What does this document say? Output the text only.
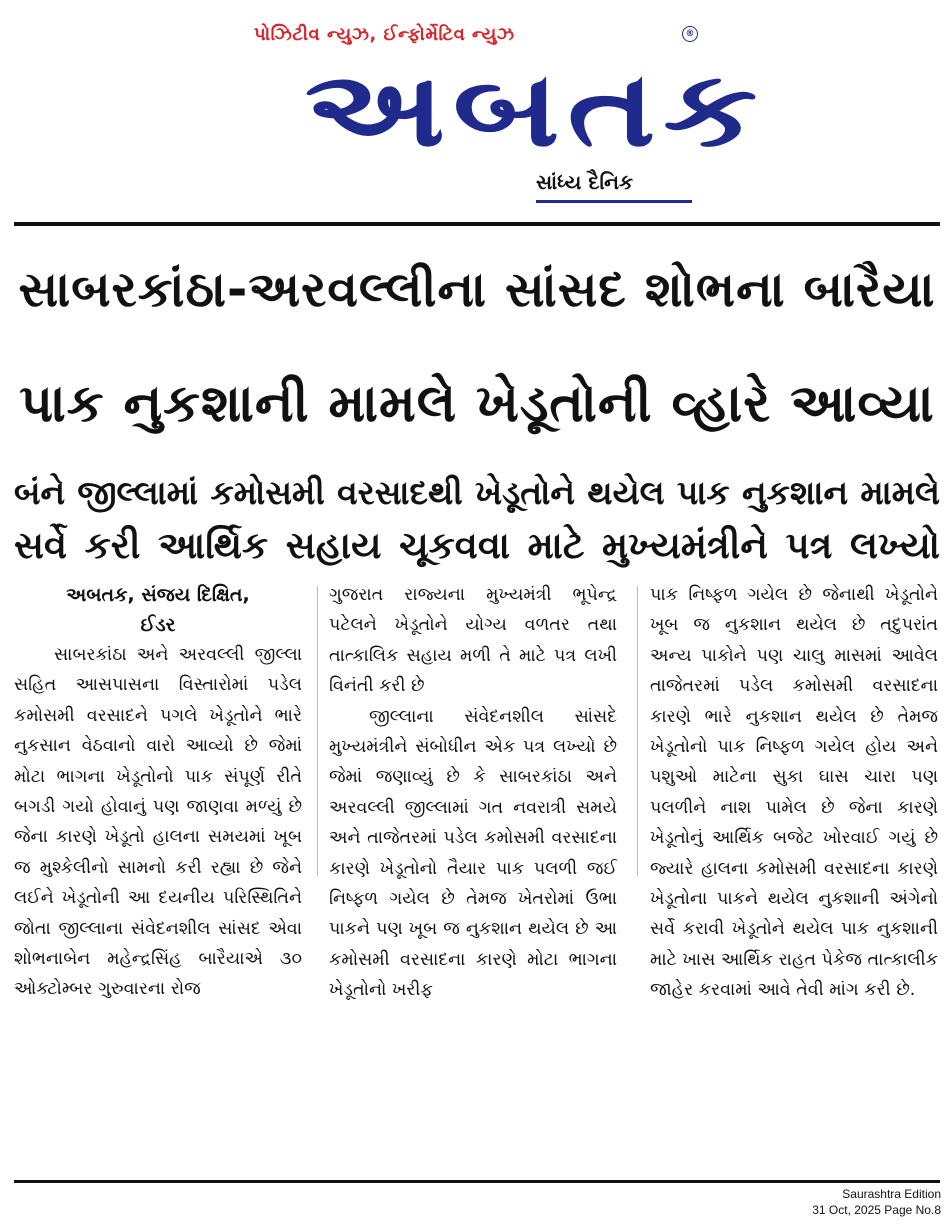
પોઝિટીવ ન્યુઝ, ઈન્ફોર્મેટિવ ન્યુઝ	®
અબતક
સાંધ્ય દૈનિક
સાબરકાંઠા-અરવલ્લીના સાંસદ શોભના બારૈયા
પાક નુકશાની મામલે ખેડૂતોની વ્હારે આવ્યા
બંને જીલ્લામાં કમોસમી વરસાદથી ખેડૂતોને થયેલ પાક નુકશાન મામલે
સર્વે કરી આર્થિક સહાય ચૂકવવા માટે મુખ્યમંત્રીને પત્ર લખ્યો
અબતક, સંજય દિક્ષિત,
ઈડર
સાબરકાંઠા અને અરવલ્લી જીલ્લા સહિત આસપાસના વિસ્તારોમાં પડેલ કમોસમી વરસાદને પગલે ખેડૂતોને ભારે નુકસાન વેઠવાનો વારો આવ્યો છે જેમાં મોટા ભાગના ખેડૂતોનો પાક સંપૂર્ણ રીતે બગડી ગયો હોવાનું પણ જાણવા મળ્યું છે જેના કારણે ખેડૂતો હાલના સમયમાં ખૂબ જ મુશ્કેલીનો સામનો કરી રહ્યા છે જેને લઈને ખેડૂતોની આ દયનીય પરિસ્થિતિને જોતા જીલ્લાના સંવેદનશીલ સાંસદ એવા શોભનાબેન મહેન્દ્રસિંહ બારૈયાએ ૩૦ ઓક્ટોમ્બર ગુરુવારના રોજ
ગુજરાત રાજ્યના મુખ્યમંત્રી ભૂપેન્દ્ર પટેલને ખેડૂતોને યોગ્ય વળતર તથા તાત્કાલિક સહાય મળી તે માટે પત્ર લખી વિનંતી કરી છે
જીલ્લાના સંવેદનશીલ સાંસદે મુખ્યમંત્રીને સંબોધીન એક પત્ર લખ્યો છે જેમાં જણાવ્યું છે કે સાબરકાંઠા અને અરવલ્લી જીલ્લામાં ગત નવરાત્રી સમયે અને તાજેતરમાં પડેલ કમોસમી વરસાદના કારણે ખેડૂતોનો તૈયાર પાક પલળી જઈ નિષ્ફળ ગયેલ છે તેમજ ખેતરોમાં ઉભા પાકને પણ ખૂબ જ નુકશાન થયેલ છે આ કમોસમી વરસાદના કારણે મોટા ભાગના ખેડૂતોનો ખરીફ
પાક નિષ્ફળ ગયેલ છે જેનાથી ખેડૂતોને ખૂબ જ નુકશાન થયેલ છે તદુપરાંત અન્ય પાકોને પણ ચાલુ માસમાં આવેલ તાજેતરમાં પડેલ કમોસમી વરસાદના કારણે ભારે નુકશાન થયેલ છે તેમજ ખેડૂતોનો પાક નિષ્ફળ ગયેલ હોય અને પશુઓ માટેના સુકા ઘાસ ચારા પણ પલળીને નાશ પામેલ છે જેના કારણે ખેડૂતોનું આર્થિક બજેટ ખોરવાઈ ગયું છે જ્યારે હાલના કમોસમી વરસાદના કારણે ખેડૂતોના પાકને થયેલ નુકશાની અંગેનો સર્વે કરાવી ખેડૂતોને થયેલ પાક નુકશાની માટે ખાસ આર્થિક રાહત પેકેજ તાત્કાલીક જાહેર કરવામાં આવે તેવી માંગ કરી છે.
Saurashtra Edition
31 Oct, 2025 Page No.8
